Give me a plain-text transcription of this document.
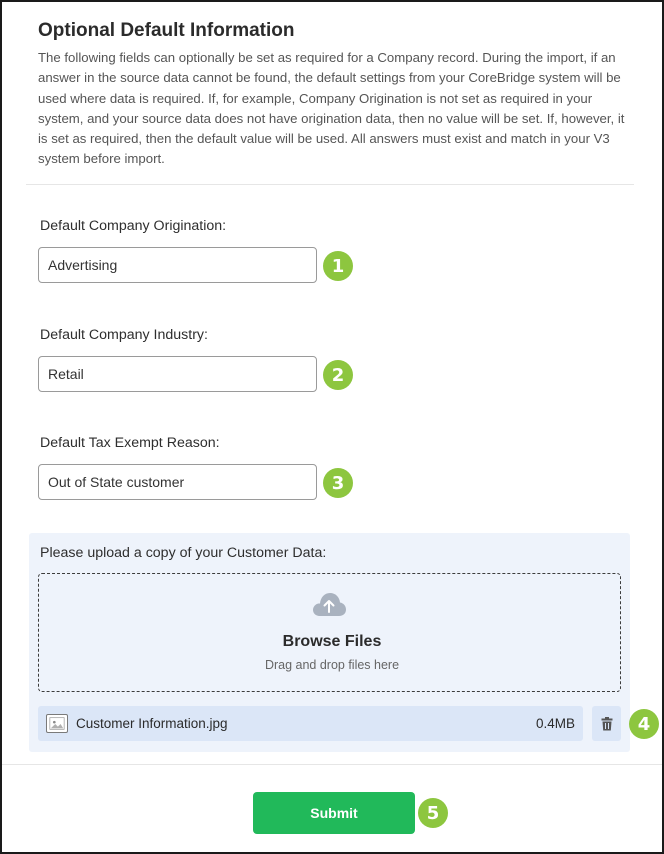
Optional Default Information
The following fields can optionally be set as required for a Company record. During the import, if an answer in the source data cannot be found, the default settings from your CoreBridge system will be used where data is required. If, for example, Company Origination is not set as required in your system, and your source data does not have origination data, then no value will be set. If, however, it is set as required, then the default value will be used. All answers must exist and match in your V3 system before import.
Default Company Origination:
Advertising
1
Default Company Industry:
Retail
2
Default Tax Exempt Reason:
Out of State customer
3
Please upload a copy of your Customer Data:
Browse Files
Drag and drop files here
Customer Information.jpg	0.4MB	4
Submit	5
